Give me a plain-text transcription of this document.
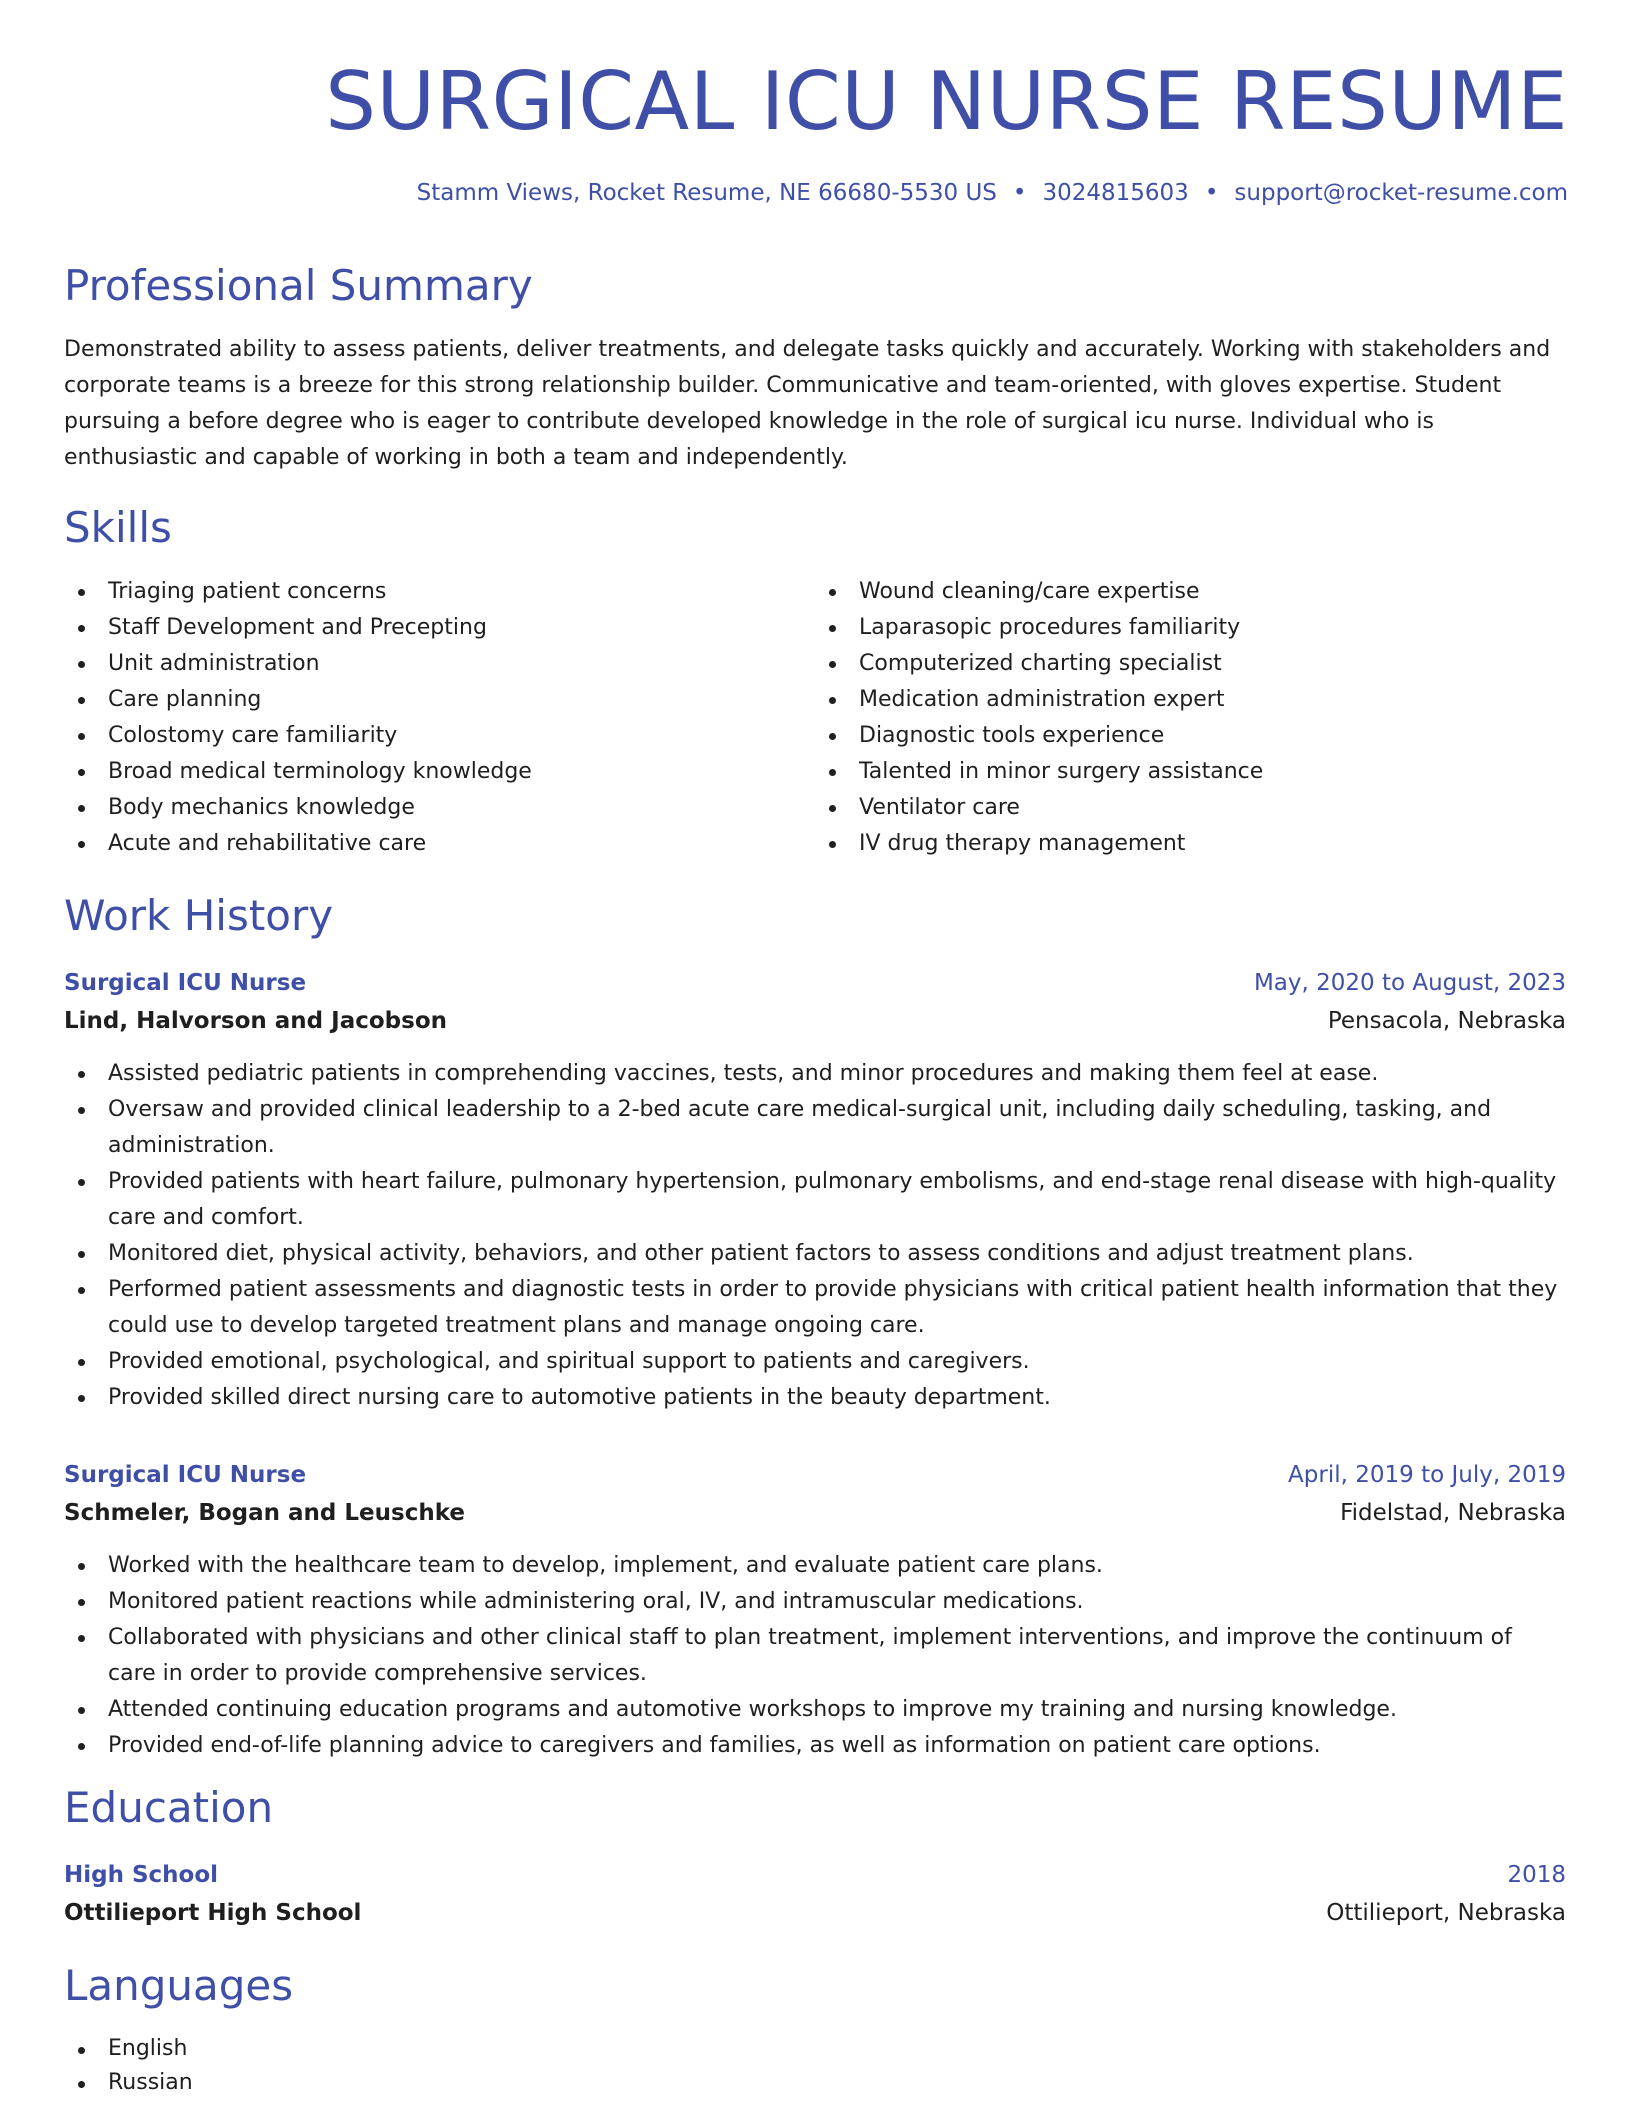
SURGICAL ICU NURSE RESUME
Stamm Views, Rocket Resume, NE 66680-5530 US • 3024815603 • support@rocket-resume.com
Professional Summary

Demonstrated ability to assess patients, deliver treatments, and delegate tasks quickly and accurately. Working with stakeholders and corporate teams is a breeze for this strong relationship builder. Communicative and team-oriented, with gloves expertise. Student pursuing a before degree who is eager to contribute developed knowledge in the role of surgical icu nurse. Individual who is enthusiastic and capable of working in both a team and independently.

Skills
Triaging patient concerns
Staff Development and Precepting
Unit administration
Care planning
Colostomy care familiarity
Broad medical terminology knowledge
Body mechanics knowledge
Acute and rehabilitative care
Wound cleaning/care expertise
Laparasopic procedures familiarity
Computerized charting specialist
Medication administration expert
Diagnostic tools experience
Talented in minor surgery assistance
Ventilator care
IV drug therapy management
Work History
Surgical ICU Nurse	May, 2020 to August, 2023
Lind, Halvorson and Jacobson	Pensacola, Nebraska
Assisted pediatric patients in comprehending vaccines, tests, and minor procedures and making them feel at ease.
Oversaw and provided clinical leadership to a 2-bed acute care medical-surgical unit, including daily scheduling, tasking, and administration.
Provided patients with heart failure, pulmonary hypertension, pulmonary embolisms, and end-stage renal disease with high-quality care and comfort.
Monitored diet, physical activity, behaviors, and other patient factors to assess conditions and adjust treatment plans.
Performed patient assessments and diagnostic tests in order to provide physicians with critical patient health information that they could use to develop targeted treatment plans and manage ongoing care.
Provided emotional, psychological, and spiritual support to patients and caregivers.
Provided skilled direct nursing care to automotive patients in the beauty department.
Surgical ICU Nurse	April, 2019 to July, 2019
Schmeler, Bogan and Leuschke	Fidelstad, Nebraska
Worked with the healthcare team to develop, implement, and evaluate patient care plans.
Monitored patient reactions while administering oral, IV, and intramuscular medications.
Collaborated with physicians and other clinical staff to plan treatment, implement interventions, and improve the continuum of care in order to provide comprehensive services.
Attended continuing education programs and automotive workshops to improve my training and nursing knowledge.
Provided end-of-life planning advice to caregivers and families, as well as information on patient care options.
Education
High School	2018
Ottilieport High School	Ottilieport, Nebraska
Languages
English
Russian
